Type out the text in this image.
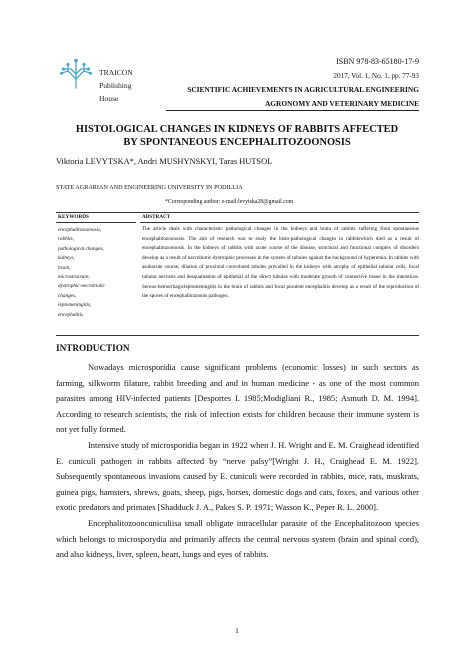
TRAICON
Publishing
House
ISBN 978-83-65180-17-9
2017, Vol. 1, No. 1, pp. 77-93
SCIENTIFIC ACHIEVEMENTS IN AGRICULTURAL ENGINEERING
AGRONOMY AND VETERINARY MEDICINE
HISTOLOGICAL CHANGES IN KIDNEYS OF RABBITS AFFECTED
BY SPONTANEOUS ENCEPHALITOZOONOSIS
Viktoria LEVYTSKA*, Andri MUSHYNSKYI, Taras HUTSOL
STATE AGRARIAN AND ENGINEERING UNIVERSITY IN PODILLIA
*Corresponding author: e-mail:levytska28@gmail.com
KEYWORDS	ABSTRACT
encephalitozoonosis,
rabbits,
pathological changes,
kidneys,
brain,
microstructure,
dystrophic-necrobiotic
changes,
leptomeningitis,
encephalitis
The article deals with characteristic pathological changes in the kidneys and brain of rabbits suffering from spontaneous encephalitozoonosis. The aim of research was to study the histo-pathological changes in rabbitswhich died as a result of encephalitozoonosis. In the kidneys of rabbits with acute course of the disease, structural and functional complex of disorders develop as a result of necrobiotic-dystrophic processes in the system of tubules against the background of hyperemia. In rabbits with asubacute course, dilation of proximal convoluted tubules prevailed in the kidneys with atrophy of epithelial tubular cells, focal tubular necrosis and desquamation of epithelial of the direct tubules with moderate growth of connective tissue in the interstices. Serous-hemorrhagicleptomeningitis in the brain of rabbits and focal purulent encephalitis develop as a result of the reproduction of the spores of encephalitozoonis pathogen.
INTRODUCTION

Nowadays microsporidia cause significant problems (economic losses) in such sectors as farming, silkworm filature, rabbit breeding and and in human medicine - as one of the most common parasites among HIV-infected patients [Desportes I. 1985;Modigliani R., 1985; Asmuth D. M. 1994]. According to research scientists, the risk of infection exists for children because their immune system is not yet fully formed.

Intensive study of microsporidia began in 1922 when J. H. Wright and E. M. Craighead identified E. cuniculi pathogen in rabbits affected by “nerve palsy”[Wright J. H., Craighead E. M. 1922]. Subsequently spontaneous invasions caused by E. cuniculi were recorded in rabbits, mice, rats, muskrats, guinea pigs, hamsters, shrews, goats, sheep, pigs, horses, domestic dogs and cats, foxes, and various other exotic predators and primates [Shadduck J. A., Pakes S. P. 1971; Wasson K., Peper R. L. 2000].

Encephalitozooncuniculiisa small obligate intracellular parasite of the Encephalitozoon species which belongs to microsporydia and primarily affects the central nervous system (brain and spinal cord), and also kidneys, liver, spleen, heart, lungs and eyes of rabbits.

1
